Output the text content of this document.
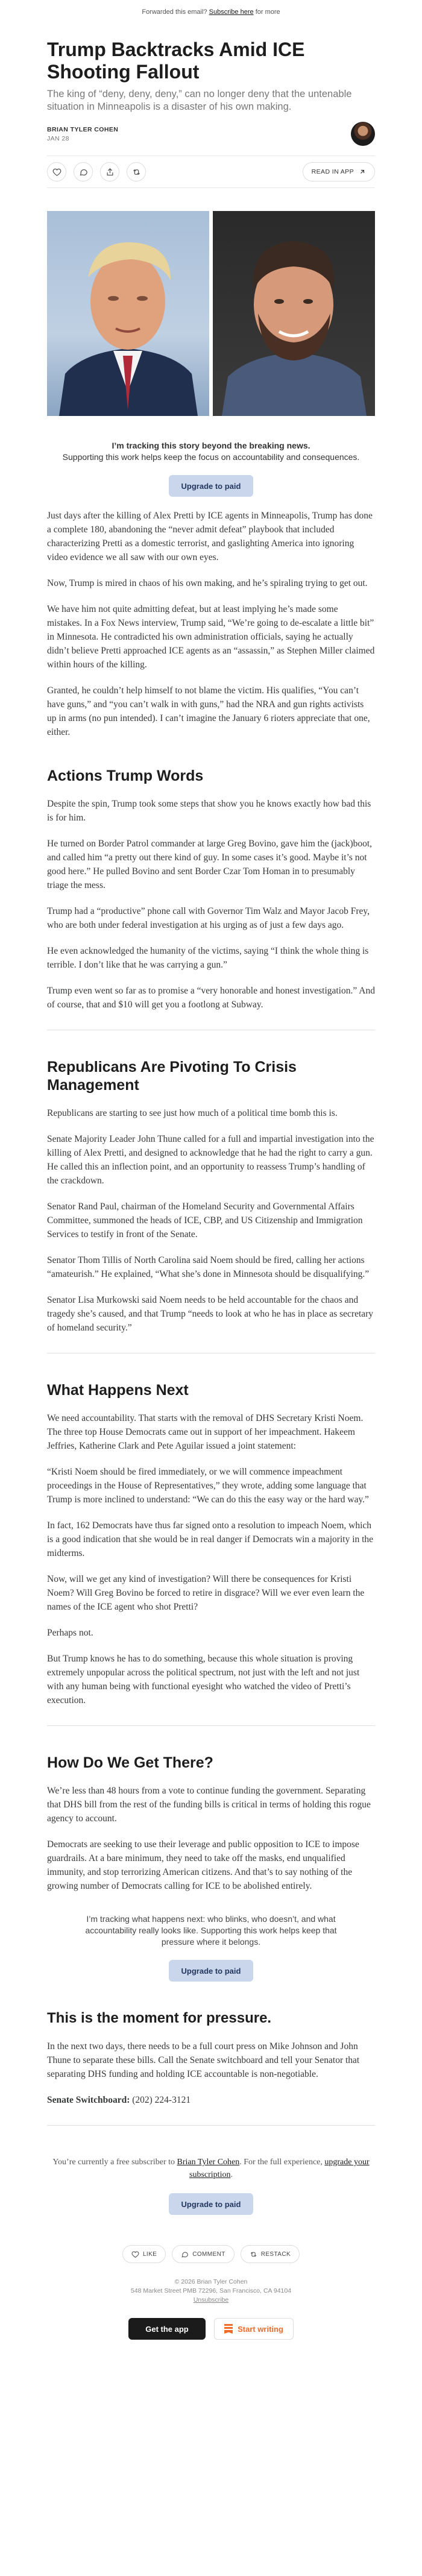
Forwarded this email? Subscribe here for more
Trump Backtracks Amid ICE Shooting Fallout
The king of “deny, deny, deny,” can no longer deny that the untenable situation in Minneapolis is a disaster of his own making.
BRIAN TYLER COHEN
JAN 28
READ IN APP
I’m tracking this story beyond the breaking news.
Supporting this work helps keep the focus on accountability and consequences.
Upgrade to paid

Just days after the killing of Alex Pretti by ICE agents in Minneapolis, Trump has done a complete 180, abandoning the “never admit defeat” playbook that included characterizing Pretti as a domestic terrorist, and gaslighting America into ignoring video evidence we all saw with our own eyes.

Now, Trump is mired in chaos of his own making, and he’s spiraling trying to get out.

We have him not quite admitting defeat, but at least implying he’s made some mistakes. In a Fox News interview, Trump said, “We’re going to de-escalate a little bit” in Minnesota. He contradicted his own administration officials, saying he actually didn’t believe Pretti approached ICE agents as an “assassin,” as Stephen Miller claimed within hours of the killing.

Granted, he couldn’t help himself to not blame the victim. His qualifies, “You can’t have guns,” and “you can’t walk in with guns,” had the NRA and gun rights activists up in arms (no pun intended). I can’t imagine the January 6 rioters appreciate that one, either.

Actions Trump Words

Despite the spin, Trump took some steps that show you he knows exactly how bad this is for him.

He turned on Border Patrol commander at large Greg Bovino, gave him the (jack)boot, and called him “a pretty out there kind of guy. In some cases it’s good. Maybe it’s not good here.” He pulled Bovino and sent Border Czar Tom Homan in to presumably triage the mess.

Trump had a “productive” phone call with Governor Tim Walz and Mayor Jacob Frey, who are both under federal investigation at his urging as of just a few days ago.

He even acknowledged the humanity of the victims, saying “I think the whole thing is terrible. I don’t like that he was carrying a gun.”

Trump even went so far as to promise a “very honorable and honest investigation.” And of course, that and $10 will get you a footlong at Subway.

Republicans Are Pivoting To Crisis Management

Republicans are starting to see just how much of a political time bomb this is.

Senate Majority Leader John Thune called for a full and impartial investigation into the killing of Alex Pretti, and designed to acknowledge that he had the right to carry a gun. He called this an inflection point, and an opportunity to reassess Trump’s handling of the crackdown.

Senator Rand Paul, chairman of the Homeland Security and Governmental Affairs Committee, summoned the heads of ICE, CBP, and US Citizenship and Immigration Services to testify in front of the Senate.

Senator Thom Tillis of North Carolina said Noem should be fired, calling her actions “amateurish.” He explained, “What she’s done in Minnesota should be disqualifying.”

Senator Lisa Murkowski said Noem needs to be held accountable for the chaos and tragedy she’s caused, and that Trump “needs to look at who he has in place as secretary of homeland security.”

What Happens Next

We need accountability. That starts with the removal of DHS Secretary Kristi Noem. The three top House Democrats came out in support of her impeachment. Hakeem Jeffries, Katherine Clark and Pete Aguilar issued a joint statement:

“Kristi Noem should be fired immediately, or we will commence impeachment proceedings in the House of Representatives,” they wrote, adding some language that Trump is more inclined to understand: “We can do this the easy way or the hard way.”

In fact, 162 Democrats have thus far signed onto a resolution to impeach Noem, which is a good indication that she would be in real danger if Democrats win a majority in the midterms.

Now, will we get any kind of investigation? Will there be consequences for Kristi Noem? Will Greg Bovino be forced to retire in disgrace? Will we ever even learn the names of the ICE agent who shot Pretti?

Perhaps not.

But Trump knows he has to do something, because this whole situation is proving extremely unpopular across the political spectrum, not just with the left and not just with any human being with functional eyesight who watched the video of Pretti’s execution.

How Do We Get There?

We’re less than 48 hours from a vote to continue funding the government. Separating that DHS bill from the rest of the funding bills is critical in terms of holding this rogue agency to account.

Democrats are seeking to use their leverage and public opposition to ICE to impose guardrails. At a bare minimum, they need to take off the masks, end unqualified immunity, and stop terrorizing American citizens. And that’s to say nothing of the growing number of Democrats calling for ICE to be abolished entirely.

I’m tracking what happens next: who blinks, who doesn’t, and what accountability really looks like. Supporting this work helps keep that pressure where it belongs.
Upgrade to paid
This is the moment for pressure.

In the next two days, there needs to be a full court press on Mike Johnson and John Thune to separate these bills. Call the Senate switchboard and tell your Senator that separating DHS funding and holding ICE accountable is non-negotiable.

Senate Switchboard: (202) 224-3121

You’re currently a free subscriber to Brian Tyler Cohen. For the full experience, upgrade your subscription.
Upgrade to paid
LIKE	COMMENT	RESTACK
© 2026 Brian Tyler Cohen
548 Market Street PMB 72296, San Francisco, CA 94104
Unsubscribe
Get the app	Start writing
